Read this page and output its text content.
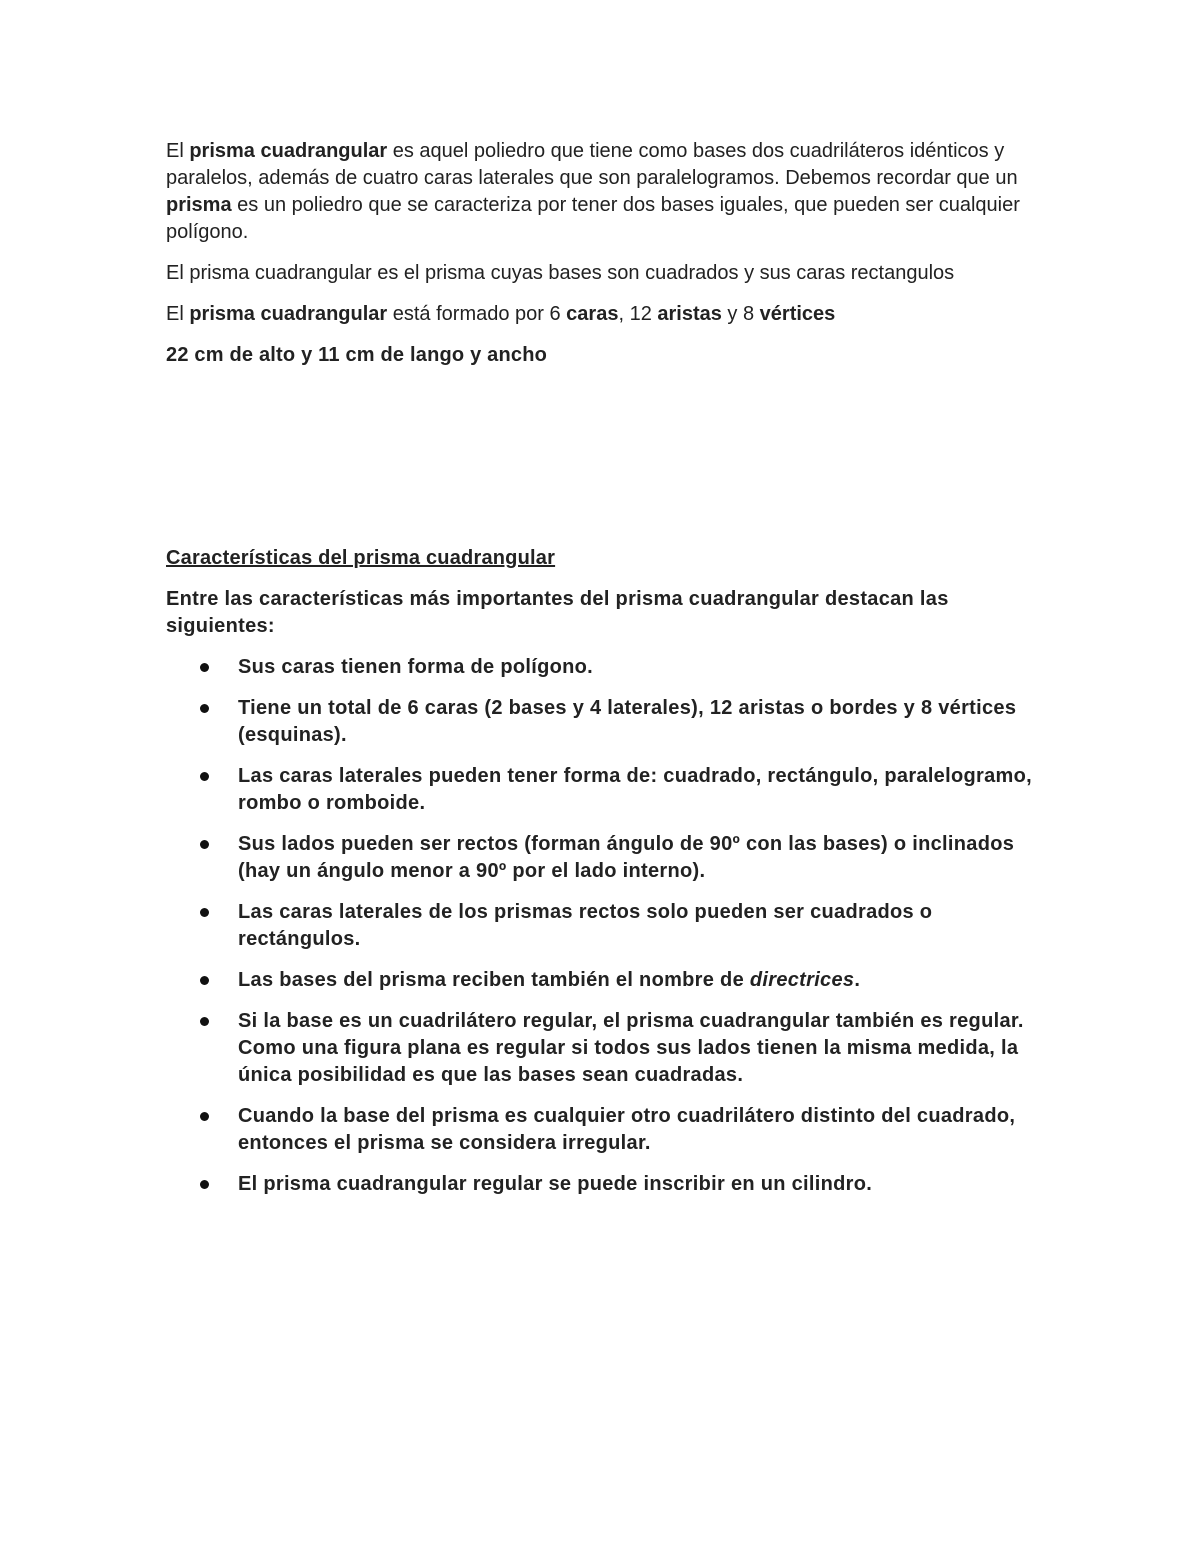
El prisma cuadrangular es aquel poliedro que tiene como bases dos cuadriláteros idénticos y paralelos, además de cuatro caras laterales que son paralelogramos. Debemos recordar que un prisma es un poliedro que se caracteriza por tener dos bases iguales, que pueden ser cualquier polígono.

El prisma cuadrangular es el prisma cuyas bases son cuadrados y sus caras rectangulos

El prisma cuadrangular está formado por 6 caras, 12 aristas y 8 vértices

22 cm de alto y 11 cm de lango y ancho

Características del prisma cuadrangular

Entre las características más importantes del prisma cuadrangular destacan las siguientes:

Sus caras tienen forma de polígono.
Tiene un total de 6 caras (2 bases y 4 laterales), 12 aristas o bordes y 8 vértices (esquinas).
Las caras laterales pueden tener forma de: cuadrado, rectángulo, paralelogramo, rombo o romboide.
Sus lados pueden ser rectos (forman ángulo de 90º con las bases) o inclinados (hay un ángulo menor a 90º por el lado interno).
Las caras laterales de los prismas rectos solo pueden ser cuadrados o rectángulos.
Las bases del prisma reciben también el nombre de directrices.
Si la base es un cuadrilátero regular, el prisma cuadrangular también es regular. Como una figura plana es regular si todos sus lados tienen la misma medida, la única posibilidad es que las bases sean cuadradas.
Cuando la base del prisma es cualquier otro cuadrilátero distinto del cuadrado, entonces el prisma se considera irregular.
El prisma cuadrangular regular se puede inscribir en un cilindro.
